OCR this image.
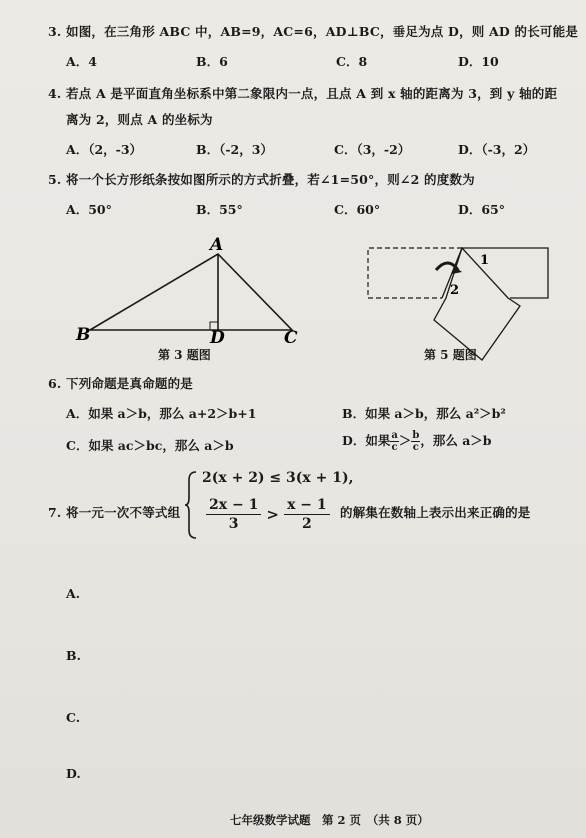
3. 如图，在三角形 ABC 中，AB=9，AC=6，AD⊥BC，垂足为点 D，则 AD 的长可能是
A．4	B．6	C．8	D．10
4. 若点 A 是平面直角坐标系中第二象限内一点，且点 A 到 x 轴的距离为 3，到 y 轴的距
离为 2，则点 A 的坐标为
A．（2，-3）	B．（-2，3）	C．（3，-2）	D．（-3，2）
5. 将一个长方形纸条按如图所示的方式折叠，若∠1=50°，则∠2 的度数为
A．50°	B．55°	C．60°	D．65°
A
B	D	C
第 3 题图
1
2
第 5 题图
6. 下列命题是真命题的是
A．如果 a＞b，那么 a+2＞b+1	B．如果 a＞b，那么 a²＞b²
C．如果 ac＞bc，那么 a＞b	D．如果 $\frac{a}{c} > \frac{b}{c}$ ，那么 a＞b
7. 将一元一次不等式组
2(x + 2) ≤ 3(x + 1),
$\frac{2x - 1}{3} > \frac{x - 1}{2}$ 的解集在数轴上表示出来正确的是
A.
B.
C.
D.
七年级数学试题　第 2 页　（共 8 页）
